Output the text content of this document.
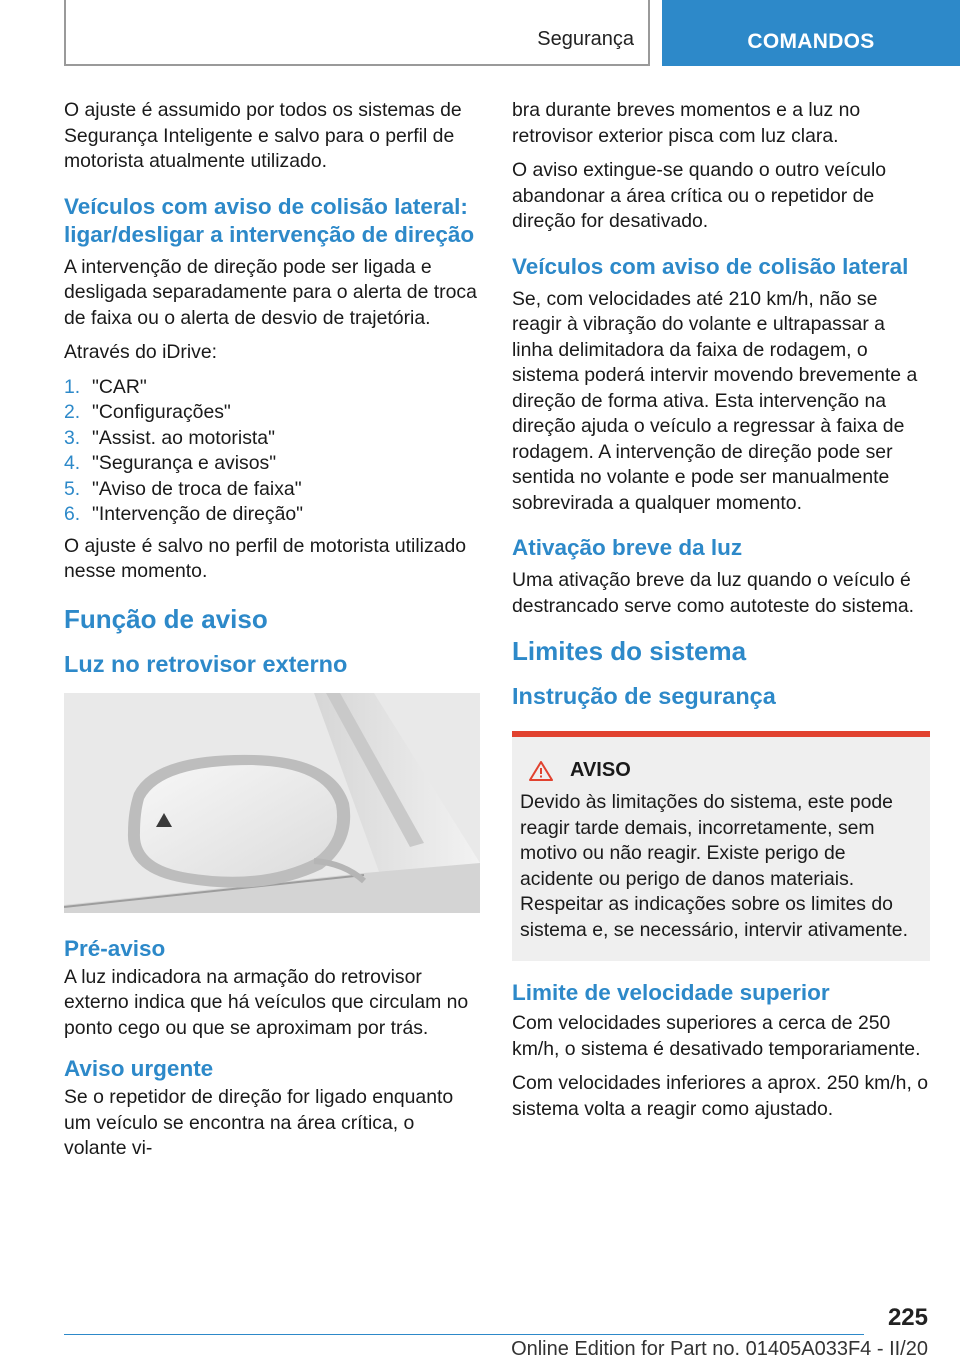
Segurança	COMANDOS

O ajuste é assumido por todos os sistemas de Segurança Inteligente e salvo para o perfil de motorista atualmente utilizado.

Veículos com aviso de colisão lateral: ligar/desligar a intervenção de direção

A intervenção de direção pode ser ligada e desligada separadamente para o alerta de troca de faixa ou o alerta de desvio de trajetória.

Através do iDrive:

1. "CAR"
2. "Configurações"
3. "Assist. ao motorista"
4. "Segurança e avisos"
5. "Aviso de troca de faixa"
6. "Intervenção de direção"

O ajuste é salvo no perfil de motorista utilizado nesse momento.

Função de aviso
Luz no retrovisor externo
Pré-aviso

A luz indicadora na armação do retrovisor externo indica que há veículos que circulam no ponto cego ou que se aproximam por trás.

Aviso urgente

Se o repetidor de direção for ligado enquanto um veículo se encontra na área crítica, o volante vi-

bra durante breves momentos e a luz no retrovisor exterior pisca com luz clara.

O aviso extingue-se quando o outro veículo abandonar a área crítica ou o repetidor de direção for desativado.

Veículos com aviso de colisão lateral

Se, com velocidades até 210 km/h, não se reagir à vibração do volante e ultrapassar a linha delimitadora da faixa de rodagem, o sistema poderá intervir movendo brevemente a direção de forma ativa. Esta intervenção na direção ajuda o veículo a regressar à faixa de rodagem. A intervenção de direção pode ser sentida no volante e pode ser manualmente sobrevirada a qualquer momento.

Ativação breve da luz

Uma ativação breve da luz quando o veículo é destrancado serve como autoteste do sistema.

Limites do sistema
Instrução de segurança
AVISO

Devido às limitações do sistema, este pode reagir tarde demais, incorretamente, sem motivo ou não reagir. Existe perigo de acidente ou perigo de danos materiais. Respeitar as indicações sobre os limites do sistema e, se necessário, intervir ativamente.

Limite de velocidade superior

Com velocidades superiores a cerca de 250 km/h, o sistema é desativado temporariamente.

Com velocidades inferiores a aprox. 250 km/h, o sistema volta a reagir como ajustado.

225
Online Edition for Part no. 01405A033F4 - II/20
